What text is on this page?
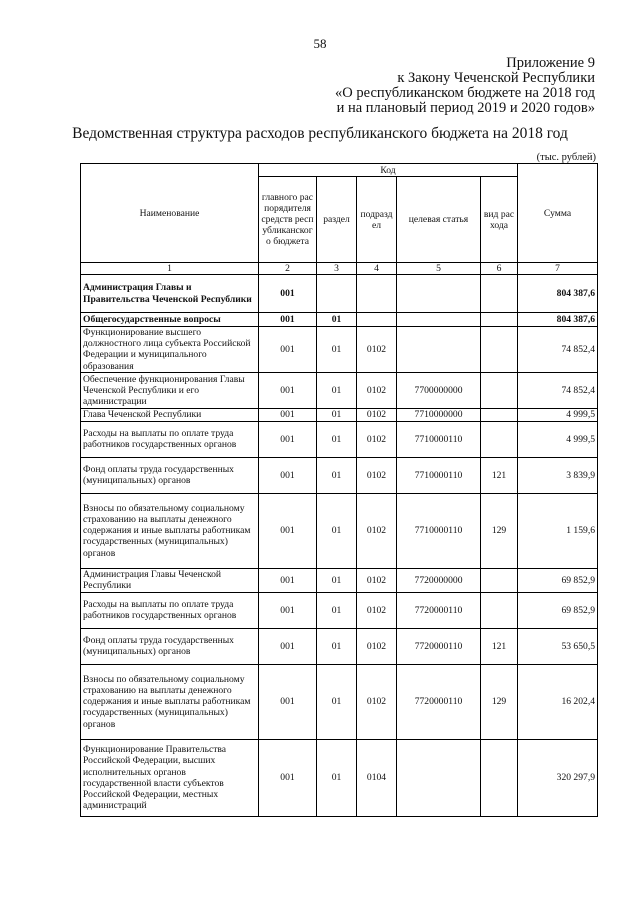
58
Приложение 9
к Закону Чеченской Республики
«О республиканском бюджете на 2018 год
и на плановый период 2019 и 2020 годов»
Ведомственная структура расходов республиканского бюджета на 2018 год
(тыс. рублей)
Наименование	Код					Сумма
	главного распорядителя средств республиканского бюджета	раздел	подраздел	целевая статья	вид расхода	
1	2	3	4	5	6	7
Администрация Главы и Правительства Чеченской Республики	001					804 387,6
Общегосударственные вопросы	001	01				804 387,6
Функционирование высшего должностного лица субъекта Российской Федерации и муниципального образования	001	01	0102			74 852,4
Обеспечение функционирования Главы Чеченской Республики и его администрации	001	01	0102	7700000000		74 852,4
Глава Чеченской Республики	001	01	0102	7710000000		4 999,5
Расходы на выплаты по оплате труда работников государственных органов	001	01	0102	7710000110		4 999,5
Фонд оплаты труда государственных (муниципальных) органов	001	01	0102	7710000110	121	3 839,9
Взносы по обязательному социальному страхованию на выплаты денежного содержания и иные выплаты работникам государственных (муниципальных) органов	001	01	0102	7710000110	129	1 159,6
Администрация Главы Чеченской Республики	001	01	0102	7720000000		69 852,9
Расходы на выплаты по оплате труда работников государственных органов	001	01	0102	7720000110		69 852,9
Фонд оплаты труда государственных (муниципальных) органов	001	01	0102	7720000110	121	53 650,5
Взносы по обязательному социальному страхованию на выплаты денежного содержания и иные выплаты работникам государственных (муниципальных) органов	001	01	0102	7720000110	129	16 202,4
Функционирование Правительства Российской Федерации, высших исполнительных органов государственной власти субъектов Российской Федерации, местных администраций	001	01	0104			320 297,9
